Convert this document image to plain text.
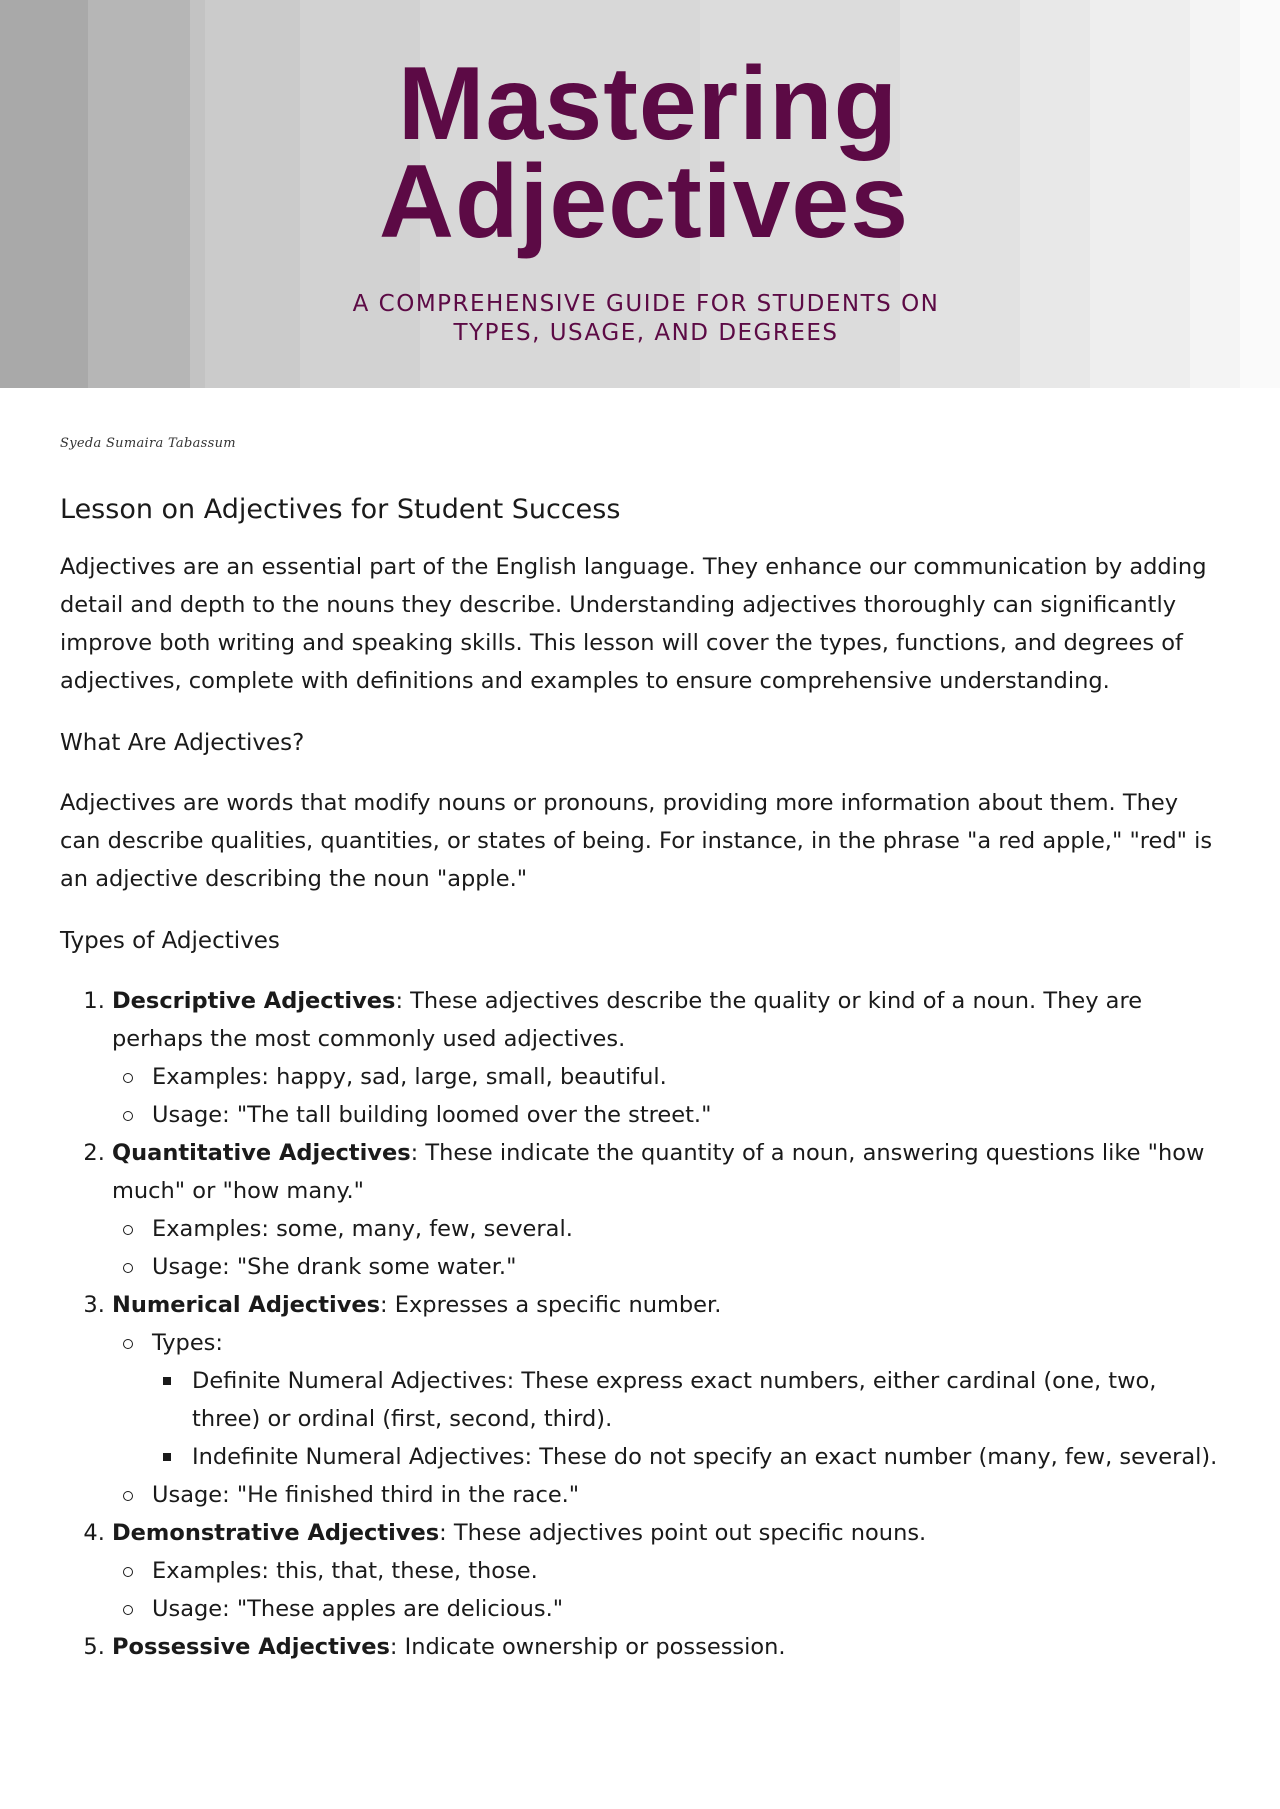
Mastering
Adjectives
A COMPREHENSIVE GUIDE FOR STUDENTS ON
TYPES, USAGE, AND DEGREES
Syeda Sumaira Tabassum
Lesson on Adjectives for Student Success

Adjectives are an essential part of the English language. They enhance our communication by adding detail and depth to the nouns they describe. Understanding adjectives thoroughly can significantly improve both writing and speaking skills. This lesson will cover the types, functions, and degrees of adjectives, complete with definitions and examples to ensure comprehensive understanding.

What Are Adjectives?

Adjectives are words that modify nouns or pronouns, providing more information about them. They can describe qualities, quantities, or states of being. For instance, in the phrase "a red apple," "red" is an adjective describing the noun "apple."

Types of Adjectives
1. Descriptive Adjectives: These adjectives describe the quality or kind of a noun. They are perhaps the most commonly used adjectives.
Examples: happy, sad, large, small, beautiful.
Usage: "The tall building loomed over the street."
2. Quantitative Adjectives: These indicate the quantity of a noun, answering questions like "how much" or "how many."
Examples: some, many, few, several.
Usage: "She drank some water."
3. Numerical Adjectives: Expresses a specific number.
Types:
Definite Numeral Adjectives: These express exact numbers, either cardinal (one, two, three) or ordinal (first, second, third).
Indefinite Numeral Adjectives: These do not specify an exact number (many, few, several).
Usage: "He finished third in the race."
4. Demonstrative Adjectives: These adjectives point out specific nouns.
Examples: this, that, these, those.
Usage: "These apples are delicious."
5. Possessive Adjectives: Indicate ownership or possession.
